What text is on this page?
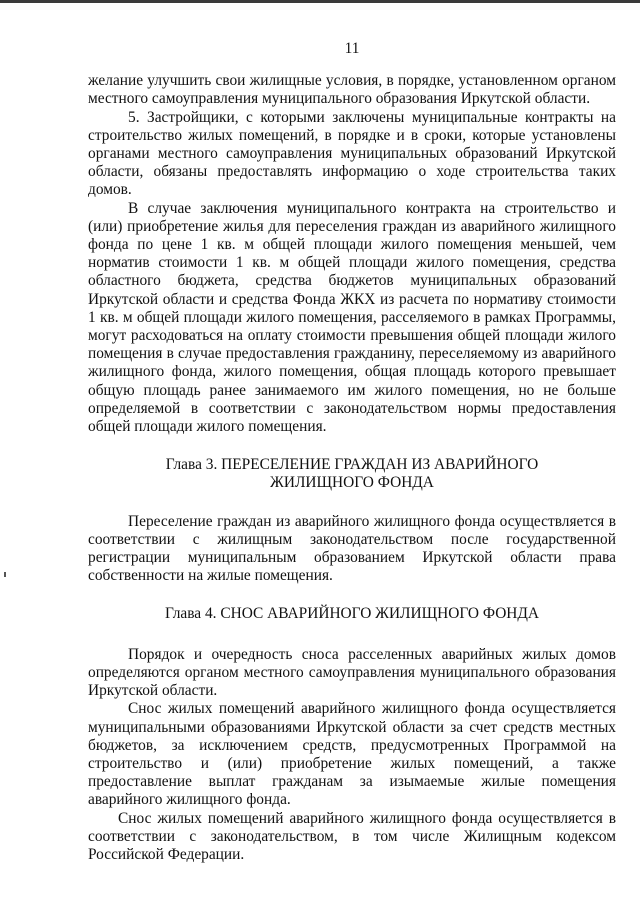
11

желание улучшить свои жилищные условия, в порядке, установленном органом местного самоуправления муниципального образования Иркутской области.

5. Застройщики, с которыми заключены муниципальные контракты на строительство жилых помещений, в порядке и в сроки, которые установлены органами местного самоуправления муниципальных образований Иркутской области, обязаны предоставлять информацию о ходе строительства таких домов.

В случае заключения муниципального контракта на строительство и (или) приобретение жилья для переселения граждан из аварийного жилищного фонда по цене 1 кв. м общей площади жилого помещения меньшей, чем норматив стоимости 1 кв. м общей площади жилого помещения, средства областного бюджета, средства бюджетов муниципальных образований Иркутской области и средства Фонда ЖКХ из расчета по нормативу стоимости 1 кв. м общей площади жилого помещения, расселяемого в рамках Программы, могут расходоваться на оплату стоимости превышения общей площади жилого помещения в случае предоставления гражданину, переселяемому из аварийного жилищного фонда, жилого помещения, общая площадь которого превышает общую площадь ранее занимаемого им жилого помещения, но не больше определяемой в соответствии с законодательством нормы предоставления общей площади жилого помещения.

Глава 3. ПЕРЕСЕЛЕНИЕ ГРАЖДАН ИЗ АВАРИЙНОГО
ЖИЛИЩНОГО ФОНДА

Переселение граждан из аварийного жилищного фонда осуществляется в соответствии с жилищным законодательством после государственной регистрации муниципальным образованием Иркутской области права собственности на жилые помещения.

Глава 4. СНОС АВАРИЙНОГО ЖИЛИЩНОГО ФОНДА

Порядок и очередность сноса расселенных аварийных жилых домов определяются органом местного самоуправления муниципального образования Иркутской области.

Снос жилых помещений аварийного жилищного фонда осуществляется муниципальными образованиями Иркутской области за счет средств местных бюджетов, за исключением средств, предусмотренных Программой на строительство и (или) приобретение жилых помещений, а также предоставление выплат гражданам за изымаемые жилые помещения аварийного жилищного фонда.

Снос жилых помещений аварийного жилищного фонда осуществляется в соответствии с законодательством, в том числе Жилищным кодексом Российской Федерации.
